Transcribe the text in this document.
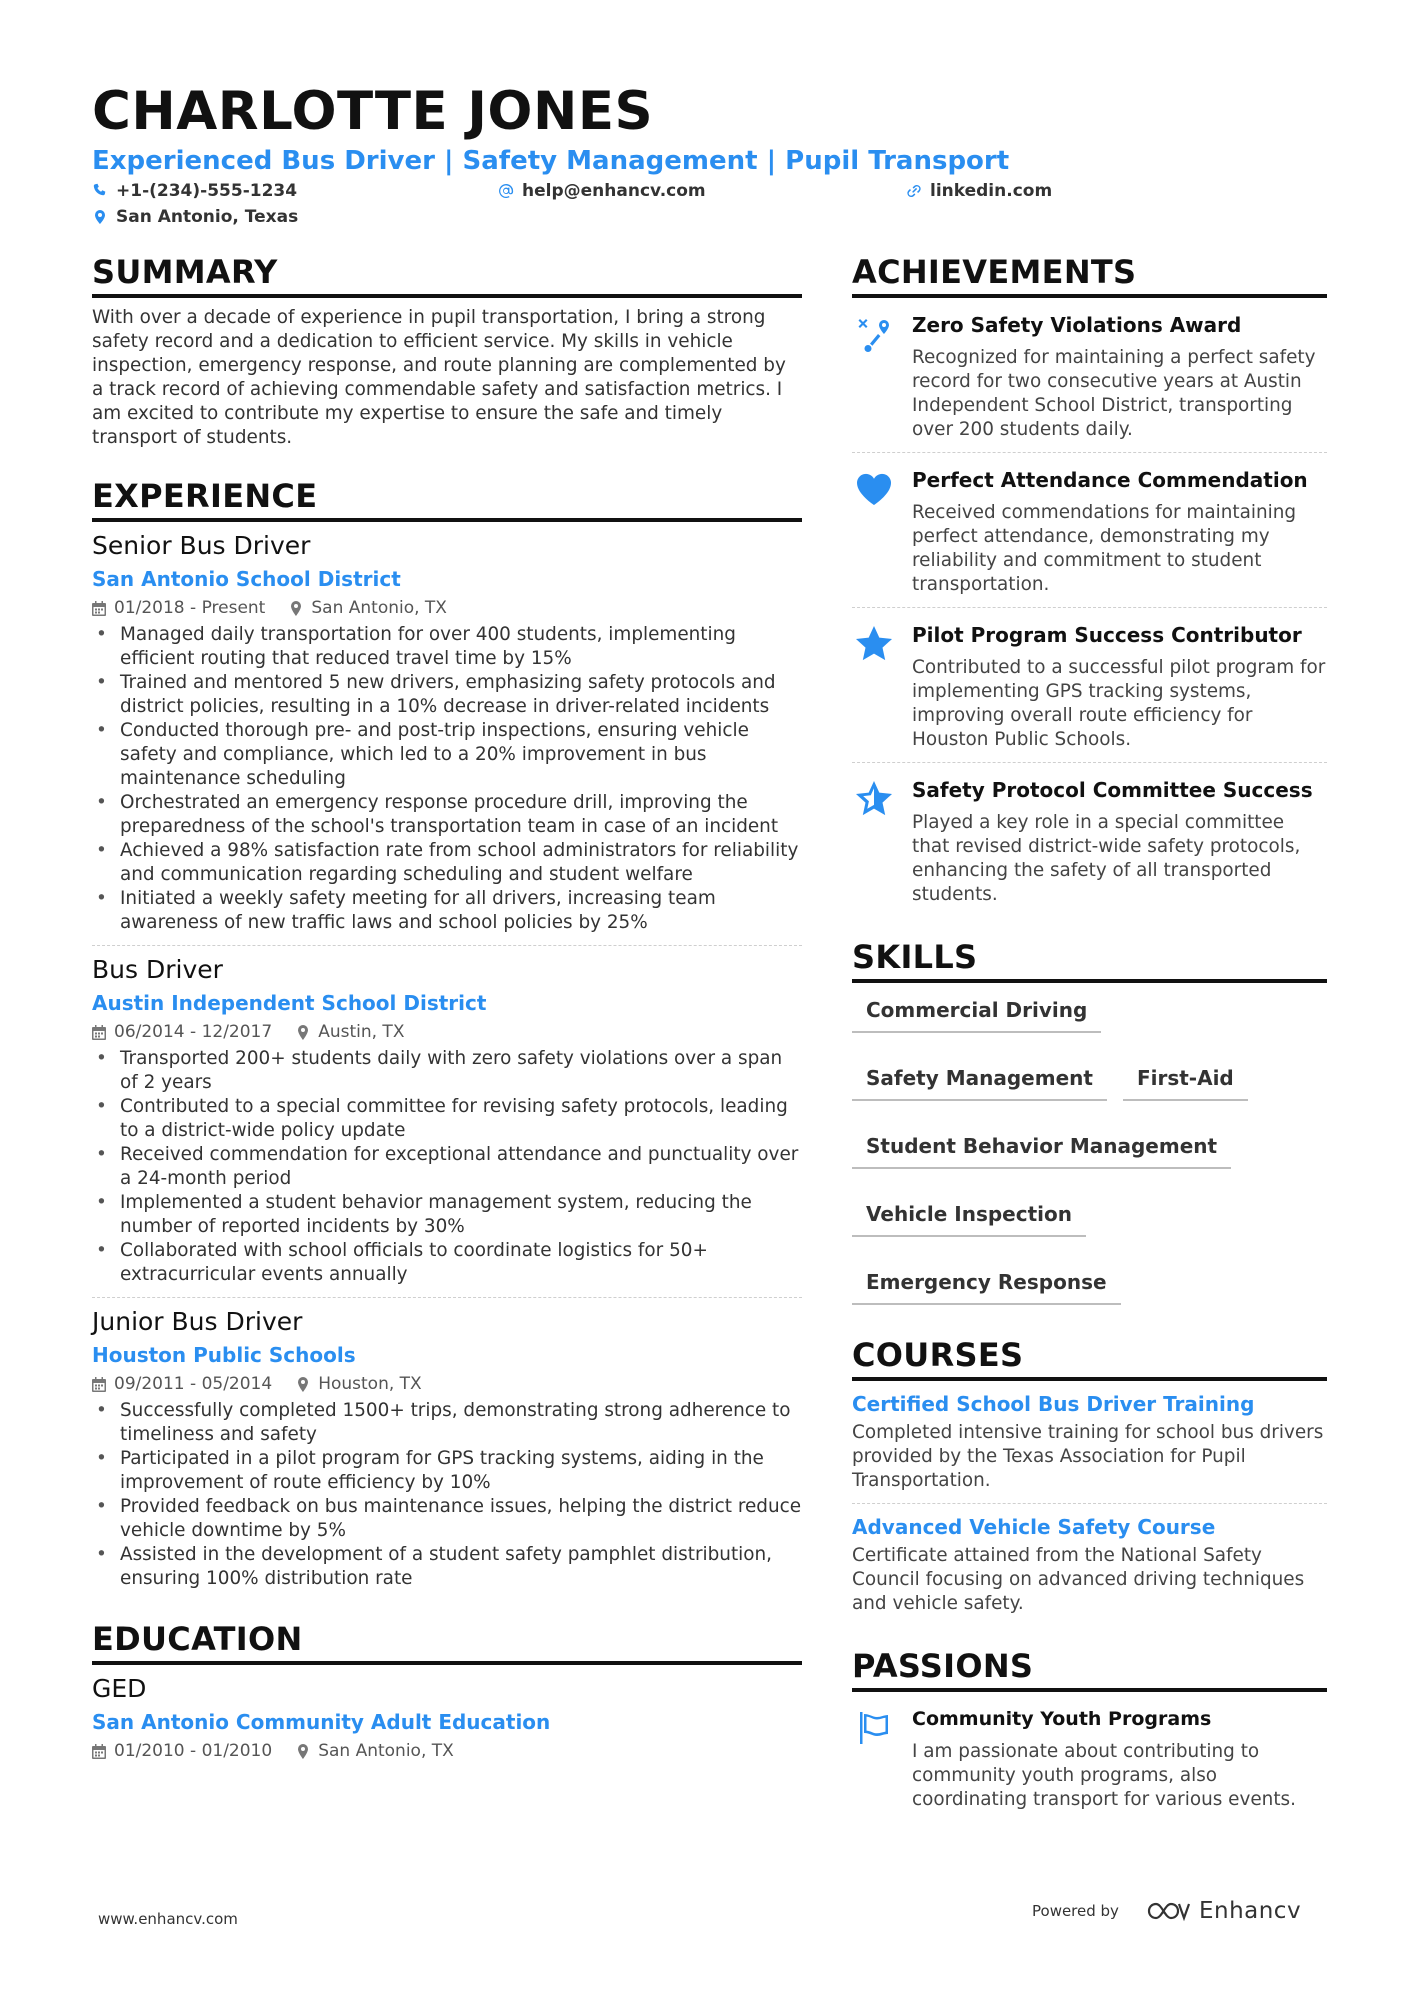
CHARLOTTE JONES
Experienced Bus Driver | Safety Management | Pupil Transport
+1-(234)-555-1234	help@enhancv.com	linkedin.com
San Antonio, Texas
SUMMARY
With over a decade of experience in pupil transportation, I bring a strong safety record and a dedication to efficient service. My skills in vehicle inspection, emergency response, and route planning are complemented by a track record of achieving commendable safety and satisfaction metrics. I am excited to contribute my expertise to ensure the safe and timely transport of students.
EXPERIENCE
Senior Bus Driver
San Antonio School District
01/2018 - Present	San Antonio, TX
• Managed daily transportation for over 400 students, implementing efficient routing that reduced travel time by 15%
• Trained and mentored 5 new drivers, emphasizing safety protocols and district policies, resulting in a 10% decrease in driver-related incidents
• Conducted thorough pre- and post-trip inspections, ensuring vehicle safety and compliance, which led to a 20% improvement in bus maintenance scheduling
• Orchestrated an emergency response procedure drill, improving the preparedness of the school's transportation team in case of an incident
• Achieved a 98% satisfaction rate from school administrators for reliability and communication regarding scheduling and student welfare
• Initiated a weekly safety meeting for all drivers, increasing team awareness of new traffic laws and school policies by 25%
Bus Driver
Austin Independent School District
06/2014 - 12/2017	Austin, TX
• Transported 200+ students daily with zero safety violations over a span of 2 years
• Contributed to a special committee for revising safety protocols, leading to a district-wide policy update
• Received commendation for exceptional attendance and punctuality over a 24-month period
• Implemented a student behavior management system, reducing the number of reported incidents by 30%
• Collaborated with school officials to coordinate logistics for 50+ extracurricular events annually
Junior Bus Driver
Houston Public Schools
09/2011 - 05/2014	Houston, TX
• Successfully completed 1500+ trips, demonstrating strong adherence to timeliness and safety
• Participated in a pilot program for GPS tracking systems, aiding in the improvement of route efficiency by 10%
• Provided feedback on bus maintenance issues, helping the district reduce vehicle downtime by 5%
• Assisted in the development of a student safety pamphlet distribution, ensuring 100% distribution rate
EDUCATION
GED
San Antonio Community Adult Education
01/2010 - 01/2010	San Antonio, TX
ACHIEVEMENTS
Zero Safety Violations Award
Recognized for maintaining a perfect safety record for two consecutive years at Austin Independent School District, transporting over 200 students daily.
Perfect Attendance Commendation
Received commendations for maintaining perfect attendance, demonstrating my reliability and commitment to student transportation.
Pilot Program Success Contributor
Contributed to a successful pilot program for implementing GPS tracking systems, improving overall route efficiency for Houston Public Schools.
Safety Protocol Committee Success
Played a key role in a special committee that revised district-wide safety protocols, enhancing the safety of all transported students.
SKILLS
Commercial Driving
Safety Management	First-Aid
Student Behavior Management
Vehicle Inspection
Emergency Response
COURSES
Certified School Bus Driver Training
Completed intensive training for school bus drivers provided by the Texas Association for Pupil Transportation.
Advanced Vehicle Safety Course
Certificate attained from the National Safety Council focusing on advanced driving techniques and vehicle safety.
PASSIONS
Community Youth Programs
I am passionate about contributing to community youth programs, also coordinating transport for various events.
www.enhancv.com	Powered by	Enhancv
